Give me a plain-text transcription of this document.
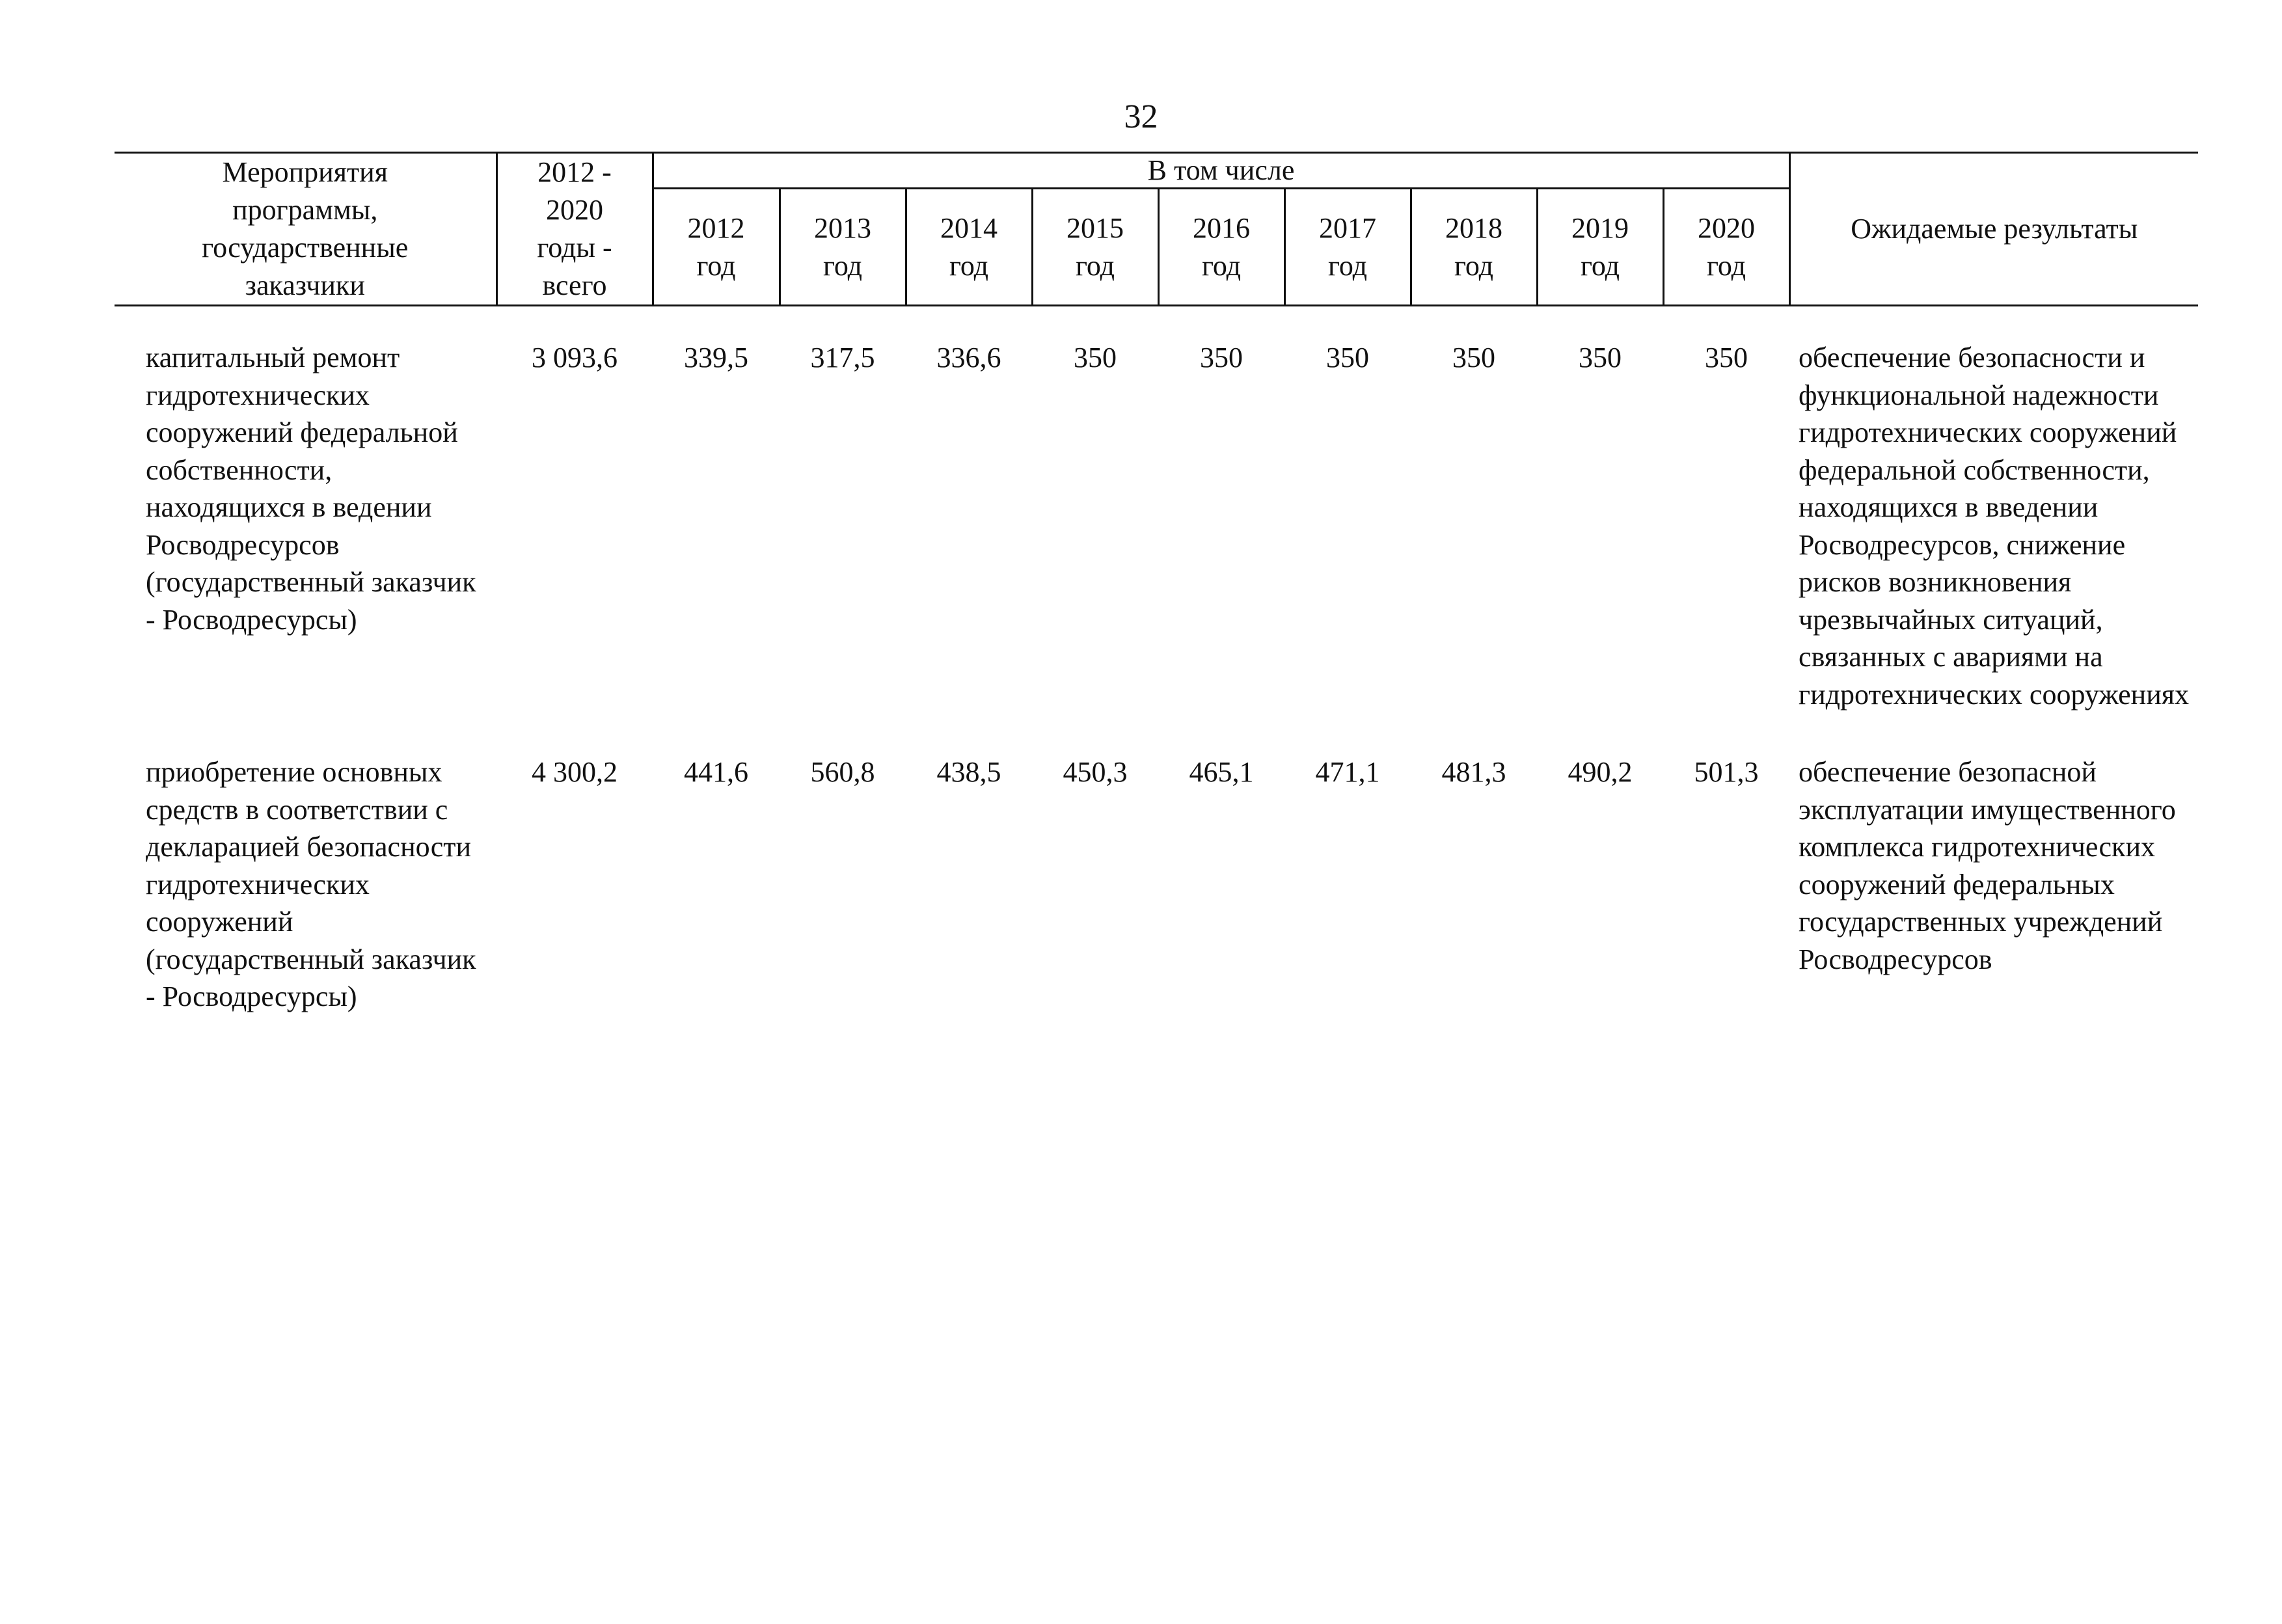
32
Мероприятия программы, государственные заказчики	2012 - 2020 годы - всего	В том числе									Ожидаемые результаты

		2012 год	2013 год	2014 год	2015 год	2016 год	2017 год	2018 год	2019 год	2020 год	

капитальный ремонт гидротехнических сооружений федеральной собственности, находящихся в ведении Росводресурсов (государственный заказчик - Росводресурсы)	3 093,6	339,5	317,5	336,6	350	350	350	350	350	350	обеспечение безопасности и функциональной надежности гидротехнических сооружений федеральной собственности, находящихся в введении Росводресурсов, снижение рисков возникновения чрезвычайных ситуаций, связанных с авариями на гидротехнических сооружениях

приобретение основных средств в соответствии с декларацией безопасности гидротехнических сооружений (государственный заказчик - Росводресурсы)	4 300,2	441,6	560,8	438,5	450,3	465,1	471,1	481,3	490,2	501,3	обеспечение безопасной эксплуатации имущественного комплекса гидротехнических сооружений федеральных государственных учреждений Росводресурсов
